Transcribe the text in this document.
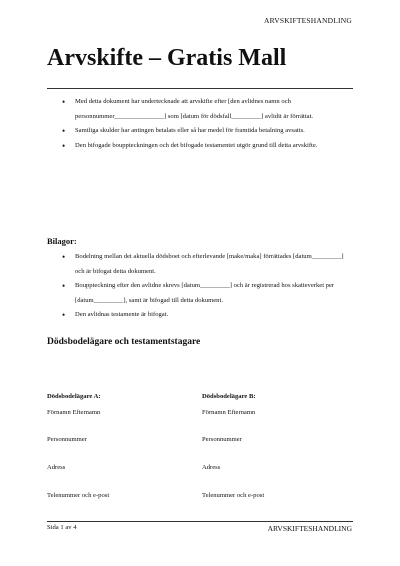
ARVSKIFTESHANDLING
Arvskifte – Gratis Mall
• Med detta dokument har undertecknade att arvskifte efter [den avlidnes namn och personnummer_______________] som [datum för dödsfall_________] avlidit är förrättat.
• Samtliga skulder har antingen betalats eller så har medel för framtida betalning avsatts.
• Den bifogade bouppteckningen och det bifogade testamentet utgör grund till detta arvskifte.
Bilagor:
• Bodelning mellan det aktuella dödsboet och efterlevande [make/maka] förrättades [datum_________] och är bifogat detta dokument.
• Bouppteckning efter den avlidne skrevs [datum_________] och är registrerad hos skatteverket per [datum_________], samt är bifogad till detta dokument.
• Den avlidnas testamente är bifogat.
Dödsbodelägare och testamentstagare
Dödsbodelägare A:
Förnamn Efternamn
Personnummer
Adress
Telenummer och e-post
Dödsbodelägare B:
Förnamn Efternamn
Personnummer
Adress
Telenummer och e-post
Sida 1 av 4	ARVSKIFTESHANDLING
